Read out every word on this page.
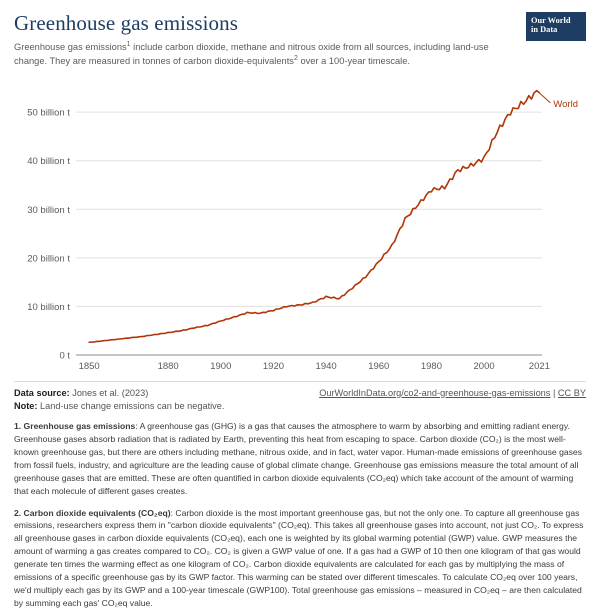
Our World
in Data
Greenhouse gas emissions
Greenhouse gas emissions$^1$ include carbon dioxide, methane and nitrous oxide from all sources, including land-use change. They are measured in tonnes of carbon dioxide-equivalents$^2$ over a 100-year timescale.
0 t
10 billion t
20 billion t
30 billion t
40 billion t
50 billion t
1850	1880	1900	1920	1940	1960	1980	2000	2021
World
Data source: Jones et al. (2023)
Note: Land-use change emissions can be negative.
OurWorldInData.org/co2-and-greenhouse-gas-emissions | CC BY

1. Greenhouse gas emissions: A greenhouse gas (GHG) is a gas that causes the atmosphere to warm by absorbing and emitting radiant energy. Greenhouse gases absorb radiation that is radiated by Earth, preventing this heat from escaping to space. Carbon dioxide (CO₂) is the most well-known greenhouse gas, but there are others including methane, nitrous oxide, and in fact, water vapor. Human-made emissions of greenhouse gases from fossil fuels, industry, and agriculture are the leading cause of global climate change. Greenhouse gas emissions measure the total amount of all greenhouse gases that are emitted. These are often quantified in carbon dioxide equivalents (CO₂eq) which take account of the amount of warming that each molecule of different gases creates.

2. Carbon dioxide equivalents (CO₂eq): Carbon dioxide is the most important greenhouse gas, but not the only one. To capture all greenhouse gas emissions, researchers express them in "carbon dioxide equivalents" (CO₂eq). This takes all greenhouse gases into account, not just CO₂. To express all greenhouse gases in carbon dioxide equivalents (CO₂eq), each one is weighted by its global warming potential (GWP) value. GWP measures the amount of warming a gas creates compared to CO₂. CO₂ is given a GWP value of one. If a gas had a GWP of 10 then one kilogram of that gas would generate ten times the warming effect as one kilogram of CO₂. Carbon dioxide equivalents are calculated for each gas by multiplying the mass of emissions of a specific greenhouse gas by its GWP factor. This warming can be stated over different timescales. To calculate CO₂eq over 100 years, we'd multiply each gas by its GWP and a 100-year timescale (GWP100). Total greenhouse gas emissions – measured in CO₂eq – are then calculated by summing each gas' CO₂eq value.
